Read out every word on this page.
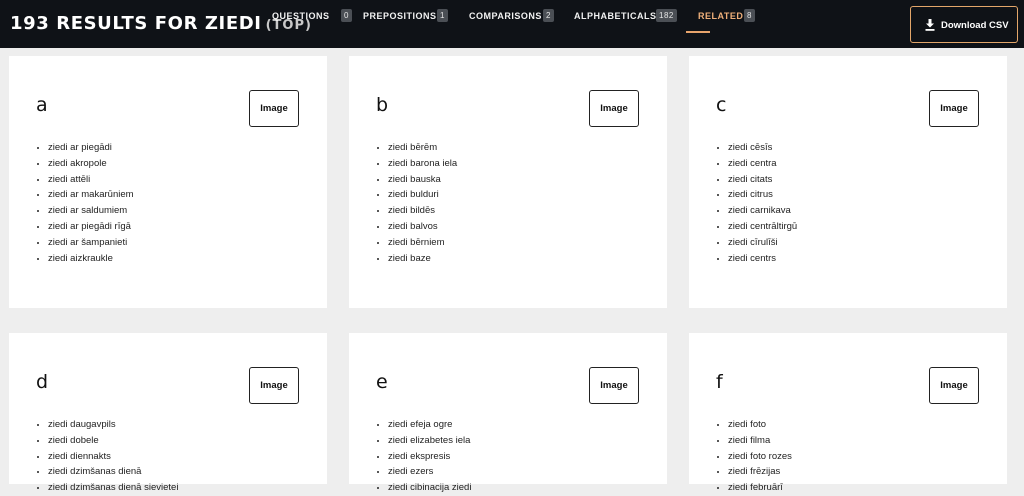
193 RESULTS FOR ZIEDI (TOP)
QUESTIONS	0	PREPOSITIONS 1	COMPARISONS 2	ALPHABETICALS 182	RELATED 8
Download CSV
a	Image
• ziedi ar piegādi
• ziedi akropole
• ziedi attēli
• ziedi ar makarūniem
• ziedi ar saldumiem
• ziedi ar piegādi rīgā
• ziedi ar šampanieti
• ziedi aizkraukle
b	Image
• ziedi bērēm
• ziedi barona iela
• ziedi bauska
• ziedi bulduri
• ziedi bildēs
• ziedi balvos
• ziedi bērniem
• ziedi baze
c	Image
• ziedi cēsīs
• ziedi centra
• ziedi citats
• ziedi citrus
• ziedi carnikava
• ziedi centrāltirgū
• ziedi cīrulīši
• ziedi centrs
d	Image
• ziedi daugavpils
• ziedi dobele
• ziedi diennakts
• ziedi dzimšanas dienā
• ziedi dzimšanas dienā sievietei
e	Image
• ziedi efeja ogre
• ziedi elizabetes iela
• ziedi ekspresis
• ziedi ezers
• ziedi cibinacija ziedi
f	Image
• ziedi foto
• ziedi filma
• ziedi foto rozes
• ziedi frēzijas
• ziedi februārī
